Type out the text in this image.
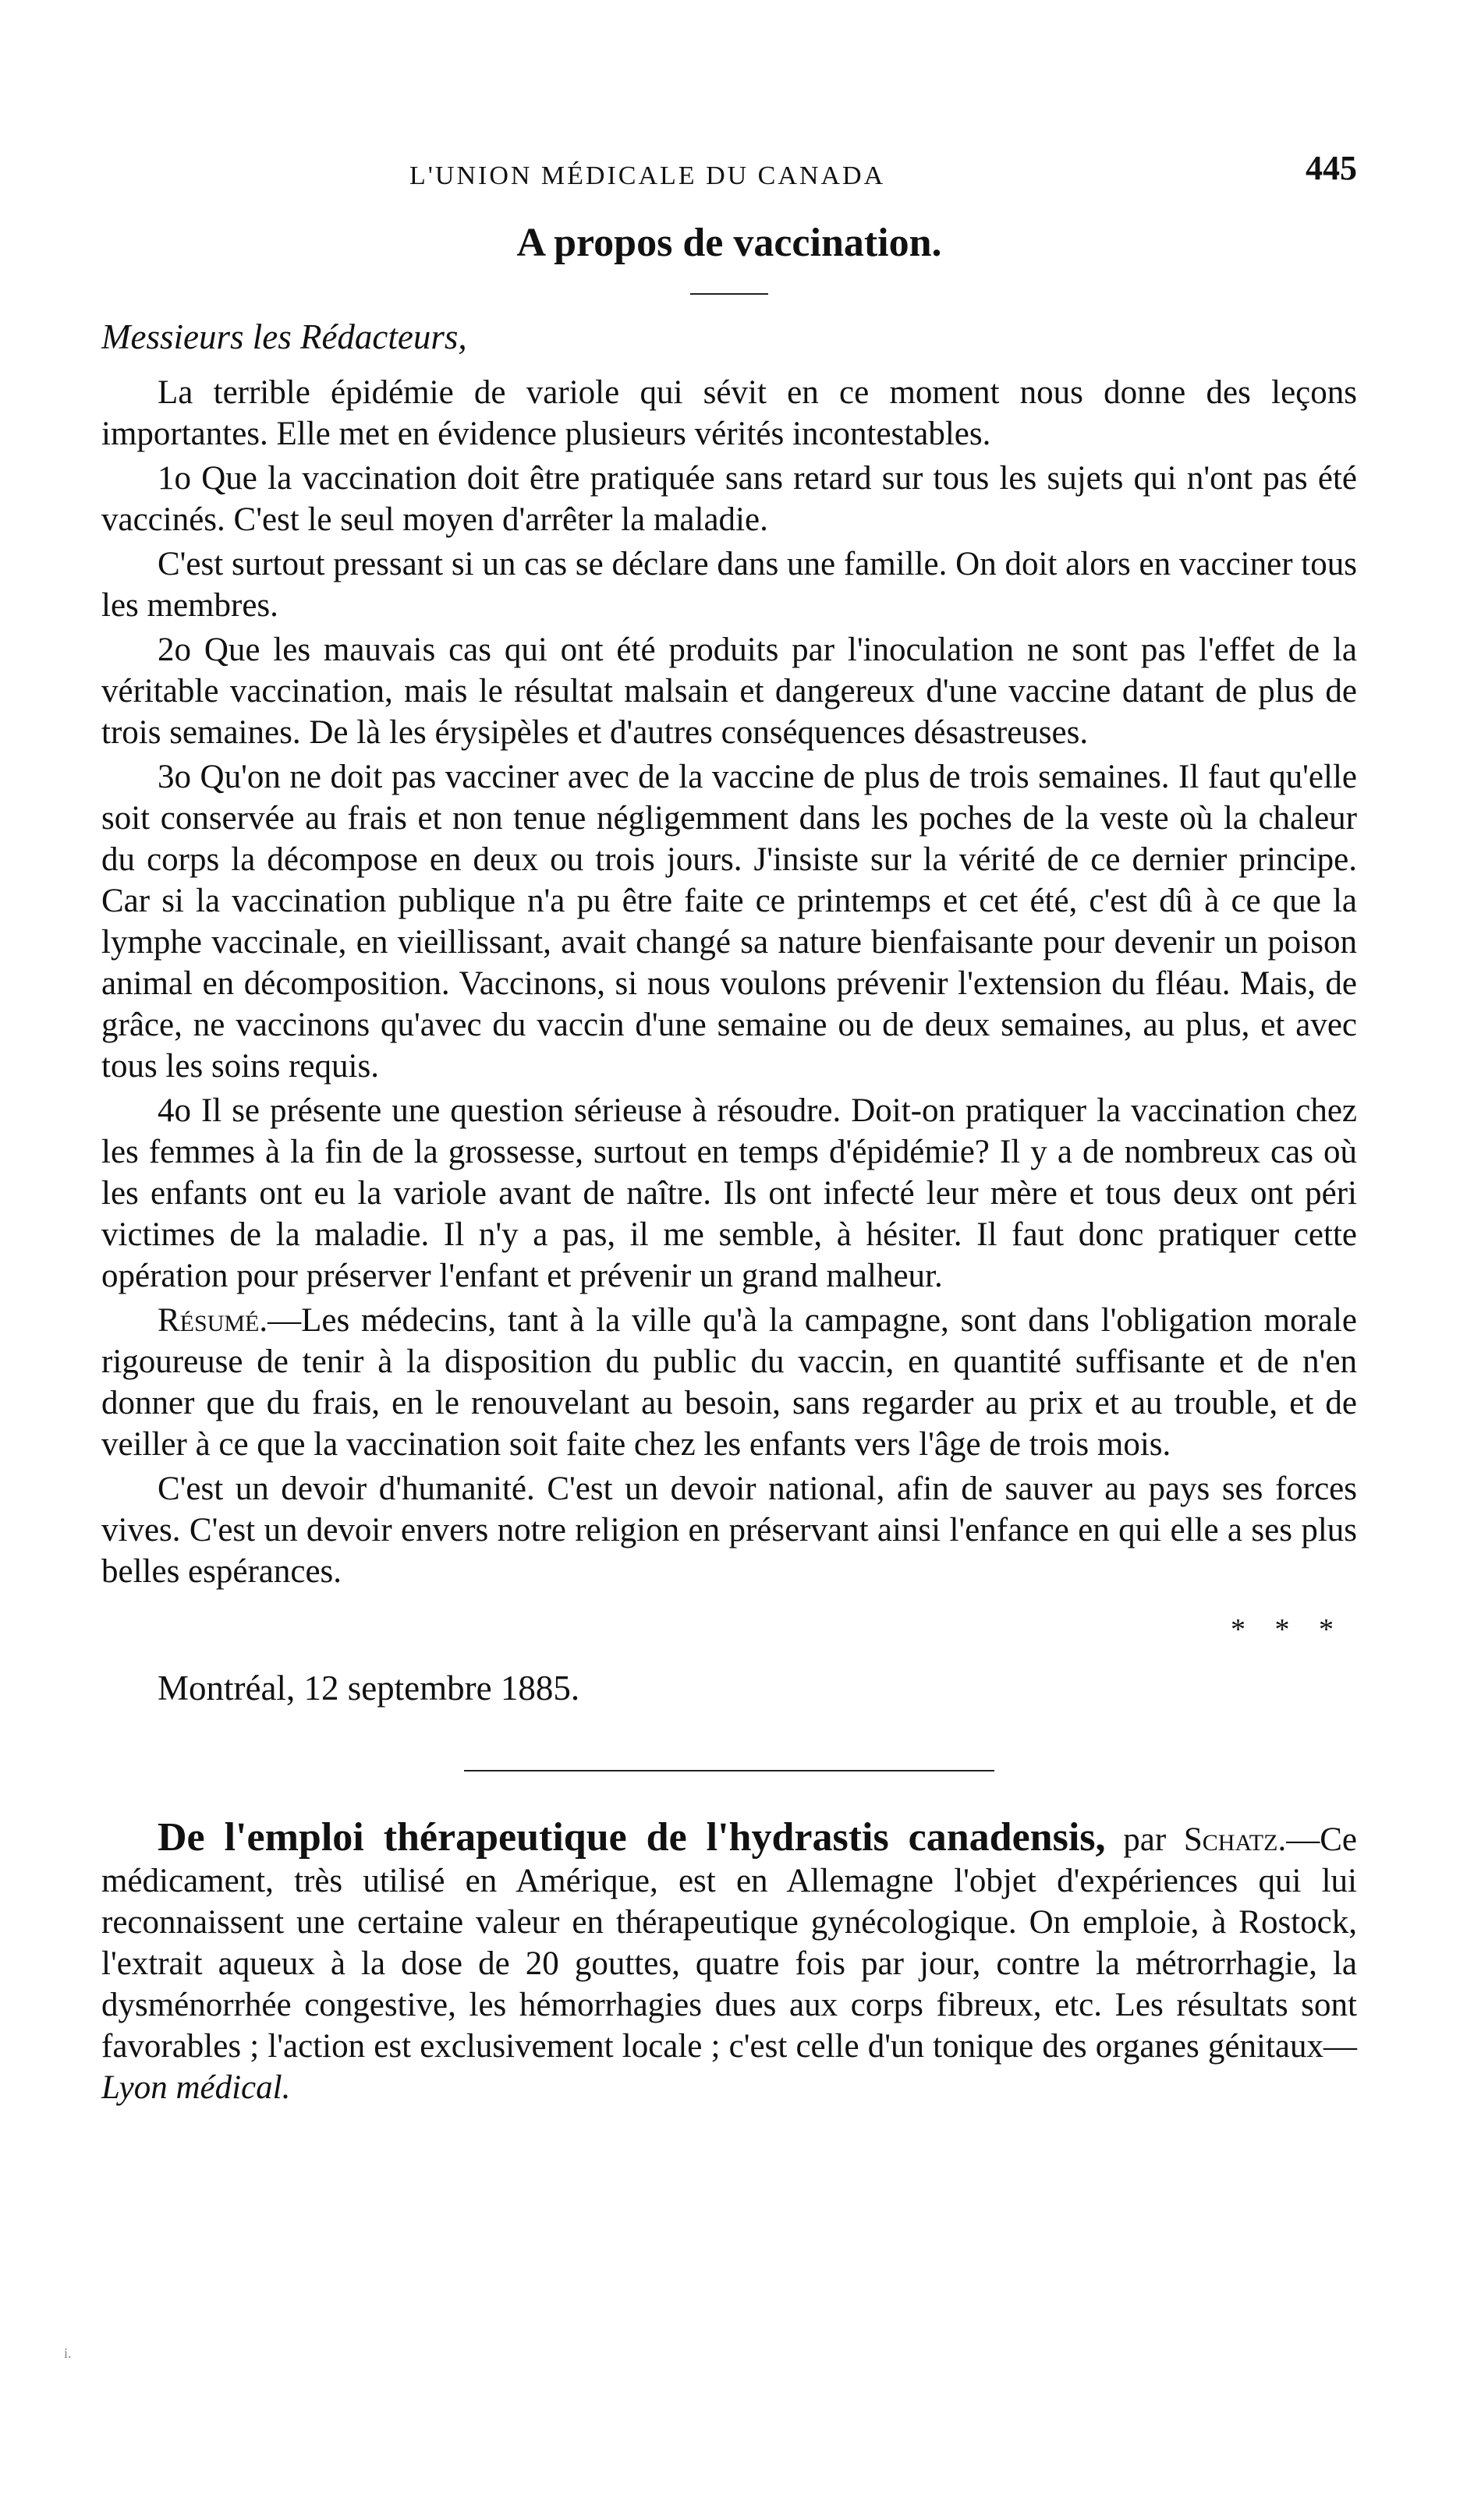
L'UNION MÉDICALE DU CANADA	445
A propos de vaccination.
Messieurs les Rédacteurs,

La terrible épidémie de variole qui sévit en ce moment nous donne des leçons importantes. Elle met en évidence plusieurs vérités incontestables.

1o Que la vaccination doit être pratiquée sans retard sur tous les sujets qui n'ont pas été vaccinés. C'est le seul moyen d'arrêter la maladie.

C'est surtout pressant si un cas se déclare dans une famille. On doit alors en vacciner tous les membres.

2o Que les mauvais cas qui ont été produits par l'inoculation ne sont pas l'effet de la véritable vaccination, mais le résultat malsain et dangereux d'une vaccine datant de plus de trois semaines. De là les érysipèles et d'autres conséquences désastreuses.

3o Qu'on ne doit pas vacciner avec de la vaccine de plus de trois semaines. Il faut qu'elle soit conservée au frais et non tenue négligemment dans les poches de la veste où la chaleur du corps la décompose en deux ou trois jours. J'insiste sur la vérité de ce dernier principe. Car si la vaccination publique n'a pu être faite ce printemps et cet été, c'est dû à ce que la lymphe vaccinale, en vieillissant, avait changé sa nature bienfaisante pour devenir un poison animal en décomposition. Vaccinons, si nous voulons prévenir l'extension du fléau. Mais, de grâce, ne vaccinons qu'avec du vaccin d'une semaine ou de deux semaines, au plus, et avec tous les soins requis.

4o Il se présente une question sérieuse à résoudre. Doit-on pratiquer la vaccination chez les femmes à la fin de la grossesse, surtout en temps d'épidémie? Il y a de nombreux cas où les enfants ont eu la variole avant de naître. Ils ont infecté leur mère et tous deux ont péri victimes de la maladie. Il n'y a pas, il me semble, à hésiter. Il faut donc pratiquer cette opération pour préserver l'enfant et prévenir un grand malheur.

Résumé.—Les médecins, tant à la ville qu'à la campagne, sont dans l'obligation morale rigoureuse de tenir à la disposition du public du vaccin, en quantité suffisante et de n'en donner que du frais, en le renouvelant au besoin, sans regarder au prix et au trouble, et de veiller à ce que la vaccination soit faite chez les enfants vers l'âge de trois mois.

C'est un devoir d'humanité. C'est un devoir national, afin de sauver au pays ses forces vives. C'est un devoir envers notre religion en préservant ainsi l'enfance en qui elle a ses plus belles espérances.

* * *
Montréal, 12 septembre 1885.

De l'emploi thérapeutique de l'hydrastis canadensis, par Schatz.—Ce médicament, très utilisé en Amérique, est en Allemagne l'objet d'expériences qui lui reconnaissent une certaine valeur en thérapeutique gynécologique. On emploie, à Rostock, l'extrait aqueux à la dose de 20 gouttes, quatre fois par jour, contre la métrorrhagie, la dysménorrhée congestive, les hémorrhagies dues aux corps fibreux, etc. Les résultats sont favorables ; l'action est exclusivement locale ; c'est celle d'un tonique des organes génitaux—Lyon médical.

i.
